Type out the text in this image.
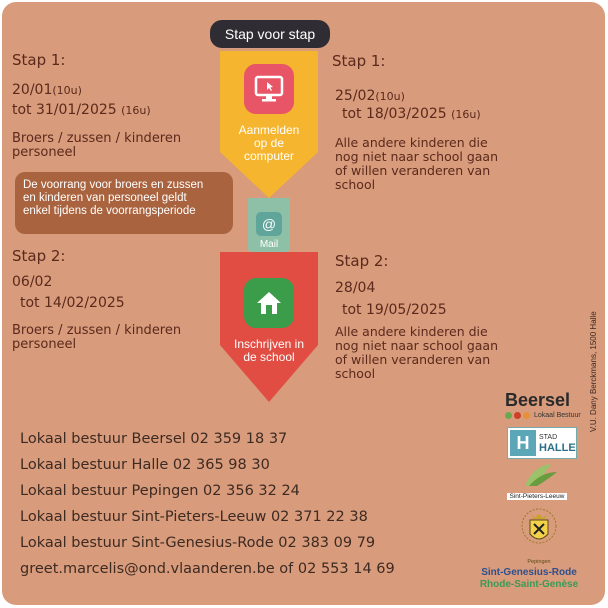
Stap voor stap
Aanmelden
op de
computer
@
Mail
Inschrijven in
de school
Stap 1:
20/01(10u)
tot 31/01/2025 (16u)
Broers / zussen / kinderen
personeel
De voorrang voor broers en zussen
en kinderen van personeel geldt
enkel tijdens de voorrangsperiode
Stap 2:
06/02
tot 14/02/2025
Broers / zussen / kinderen
personeel
Stap 1:
25/02(10u)
tot 18/03/2025 (16u)
Alle andere kinderen die
nog niet naar school gaan
of willen veranderen van
school
Stap 2:
28/04
tot 19/05/2025
Alle andere kinderen die
nog niet naar school gaan
of willen veranderen van
school
Lokaal bestuur Beersel 02 359 18 37
Lokaal bestuur Halle 02 365 98 30
Lokaal bestuur Pepingen 02 356 32 24
Lokaal bestuur Sint-Pieters-Leeuw 02 371 22 38
Lokaal bestuur Sint-Genesius-Rode 02 383 09 79
greet.marcelis@ond.vlaanderen.be of 02 553 14 69
Beersel
Lokaal Bestuur
H	STAD
HALLE
Sint-Pieters-Leeuw
Pepingen
Sint-Genesius-Rode
Rhode-Saint-Genèse
V.U. Dany Berckmans, 1500 Halle
